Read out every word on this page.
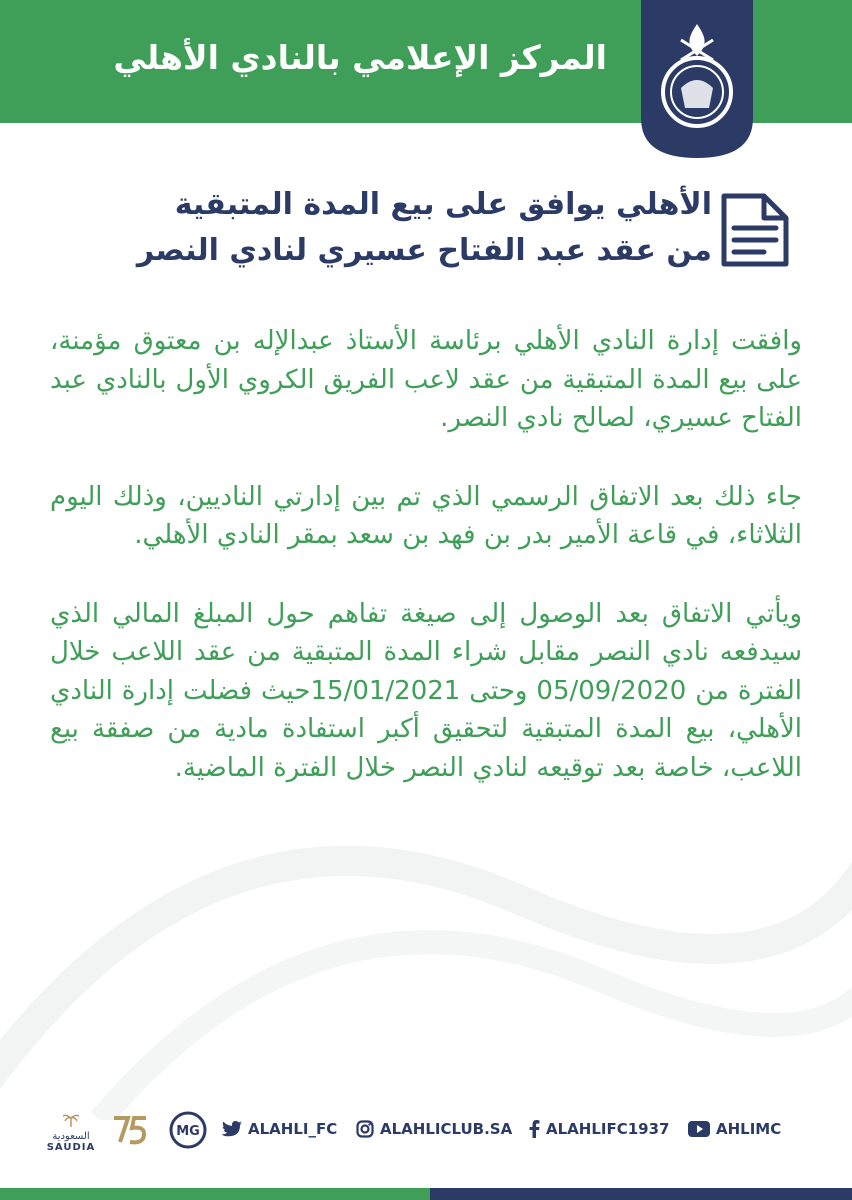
المركز الإعلامي بالنادي الأهلي
الأهلي يوافق على بيع المدة المتبقية
من عقد عبد الفتاح عسيري لنادي النصر

وافقت إدارة النادي الأهلي برئاسة الأستاذ عبدالإله بن معتوق مؤمنة، على بيع المدة المتبقية من عقد لاعب الفريق الكروي الأول بالنادي عبد الفتاح عسيري، لصالح نادي النصر.

جاء ذلك بعد الاتفاق الرسمي الذي تم بين إدارتي الناديين، وذلك اليوم الثلاثاء، في قاعة الأمير بدر بن فهد بن سعد بمقر النادي الأهلي.

ويأتي الاتفاق بعد الوصول إلى صيغة تفاهم حول المبلغ المالي الذي سيدفعه نادي النصر مقابل شراء المدة المتبقية من عقد اللاعب خلال الفترة من 05/09/2020 وحتى 15/01/2021حيث فضلت إدارة النادي الأهلي، بيع المدة المتبقية لتحقيق أكبر استفادة مادية من صفقة بيع اللاعب، خاصة بعد توقيعه لنادي النصر خلال الفترة الماضية.

AHLIMC
ALAHLIFC1937
ALAHLICLUB.SA
ALAHLI_FC
MG
السعودية
SAUDIA
